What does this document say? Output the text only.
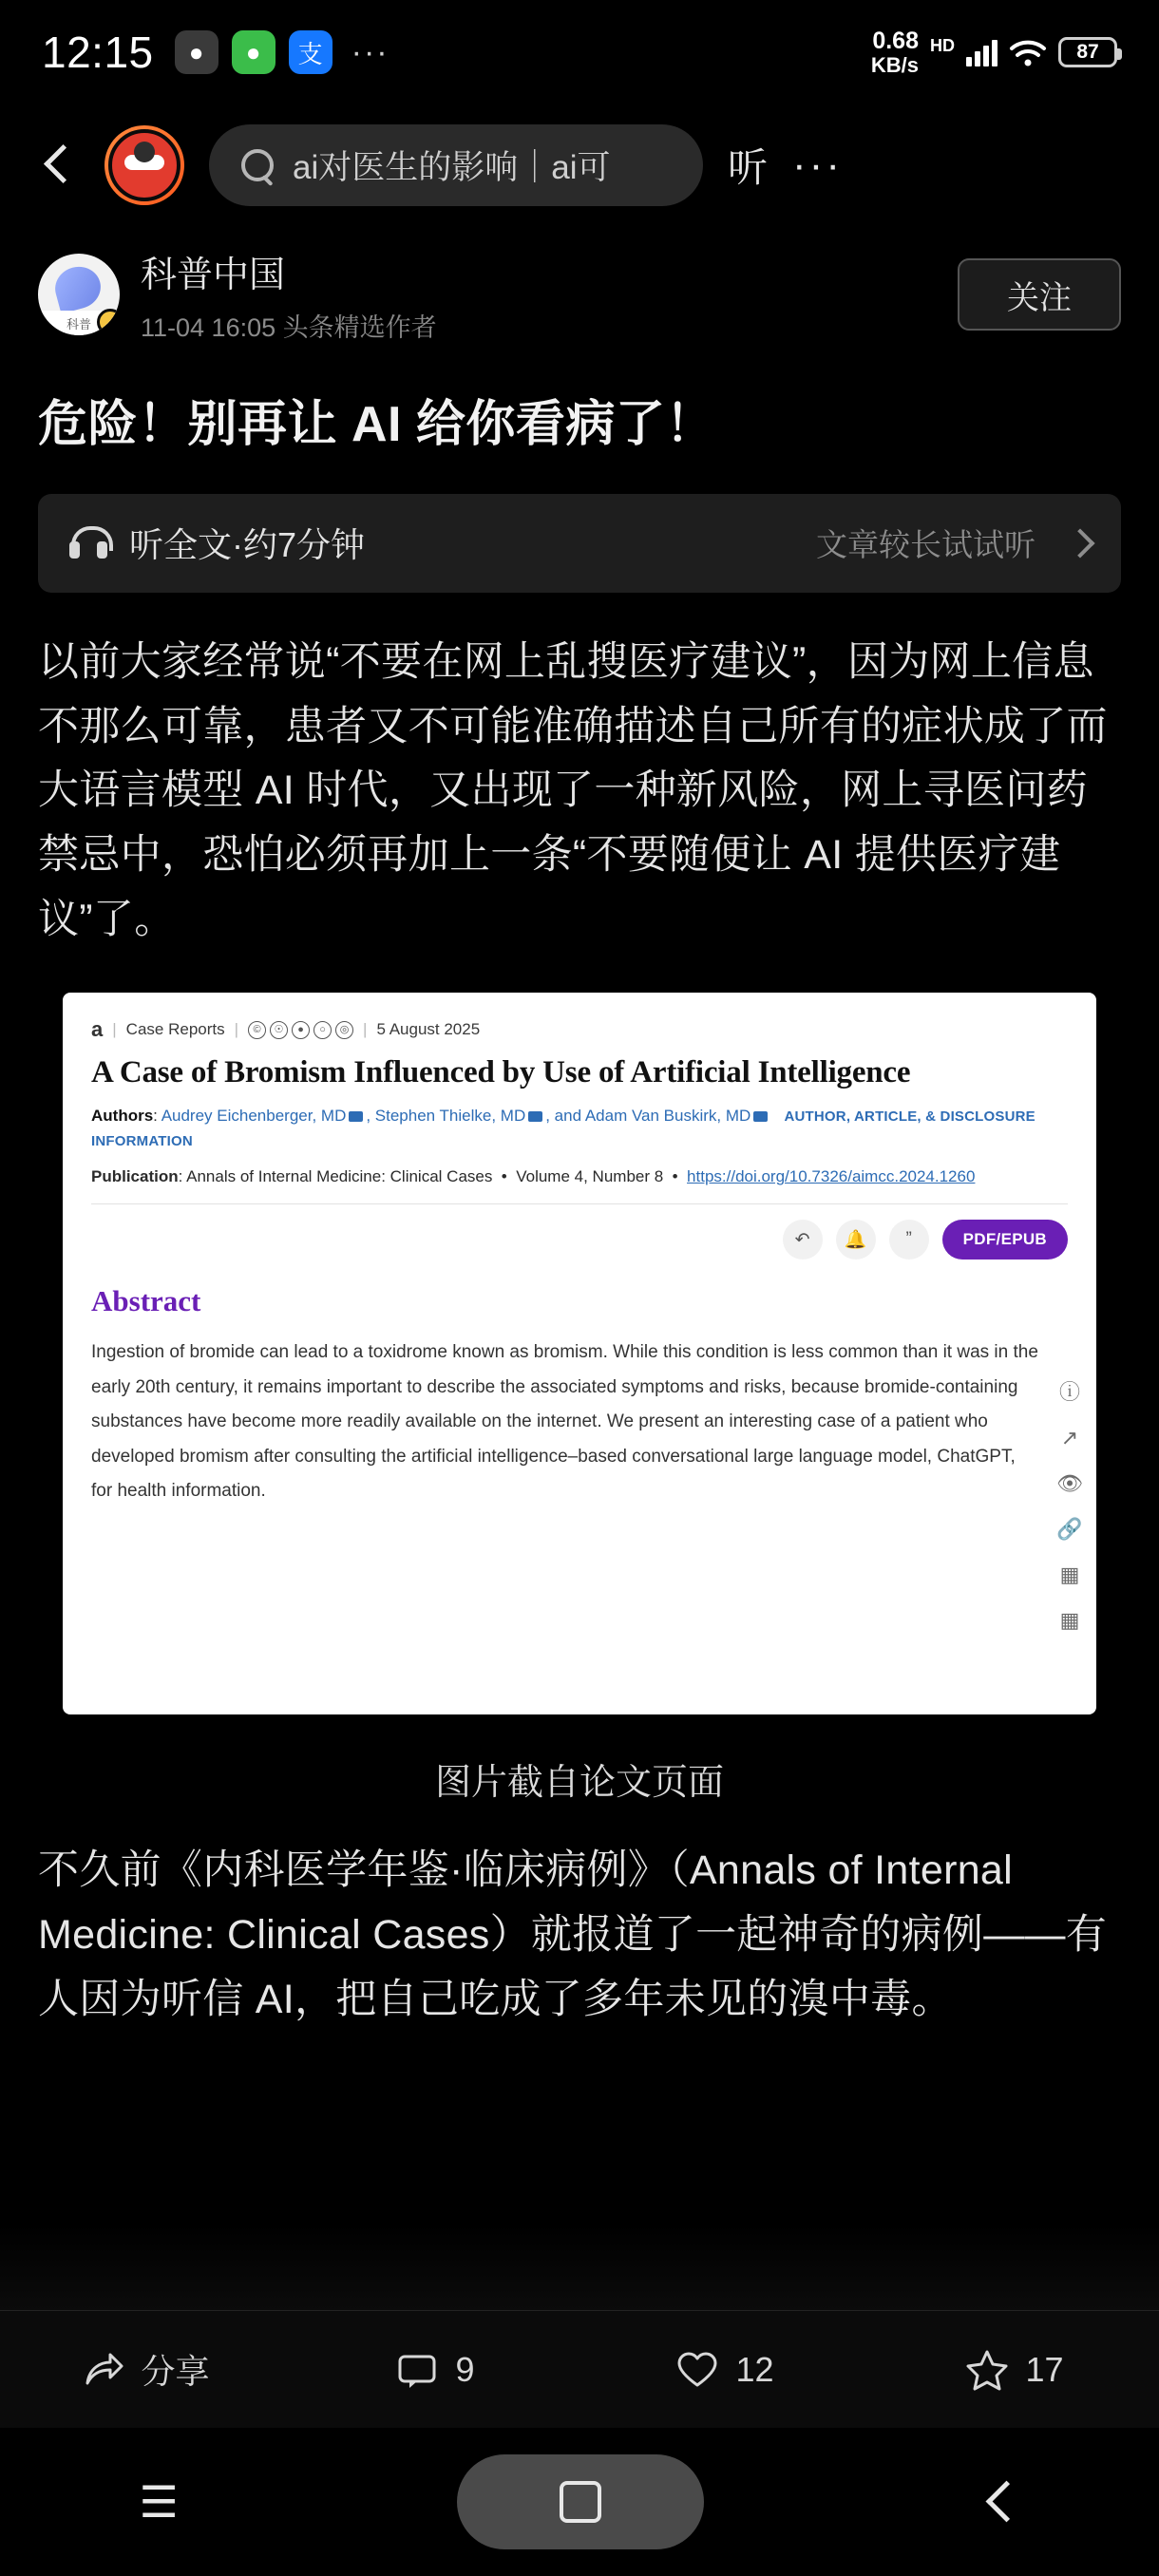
12:15	●	●	支 ···	0.68
KB/s
HD	87
ai对医生的影响｜ai可	听 ···
科普
科普中国
11-04 16:05 头条精选作者
关注
危险！别再让 AI 给你看病了！
听全文·约7分钟	文章较长试试听
以前大家经常说“不要在网上乱搜医疗建议”，因为网上信息不那么可靠，患者又不可能准确描述自己所有的症状成了而大语言模型 AI 时代，又出现了一种新风险，网上寻医问药禁忌中，恐怕必须再加上一条“不要随便让 AI 提供医疗建议”了。
a | Case Reports |	©	☉	●	○	◎ | 5 August 2025
A Case of Bromism Influenced by Use of Artificial Intelligence
Authors: Audrey Eichenberger, MD , Stephen Thielke, MD , and Adam Van Buskirk, MD AUTHOR, ARTICLE, & DISCLOSURE INFORMATION
Publication: Annals of Internal Medicine: Clinical Cases  •  Volume 4, Number 8  •  https://doi.org/10.7326/aimcc.2024.1260
↶	🔔	”	PDF/EPUB
Abstract
Ingestion of bromide can lead to a toxidrome known as bromism. While this condition is less common than it was in the early 20th century, it remains important to describe the associated symptoms and risks, because bromide-containing substances have become more readily available on the internet. We present an interesting case of a patient who developed bromism after consulting the artificial intelligence–based conversational large language model, ChatGPT, for health information.
ⓘ
↗
👁
🔗
▦
▦
图片截自论文页面
不久前《内科医学年鉴·临床病例》（Annals of Internal Medicine: Clinical Cases）就报道了一起神奇的病例——有人因为听信 AI，把自己吃成了多年未见的溴中毒。
分享	9	12	17
☰
